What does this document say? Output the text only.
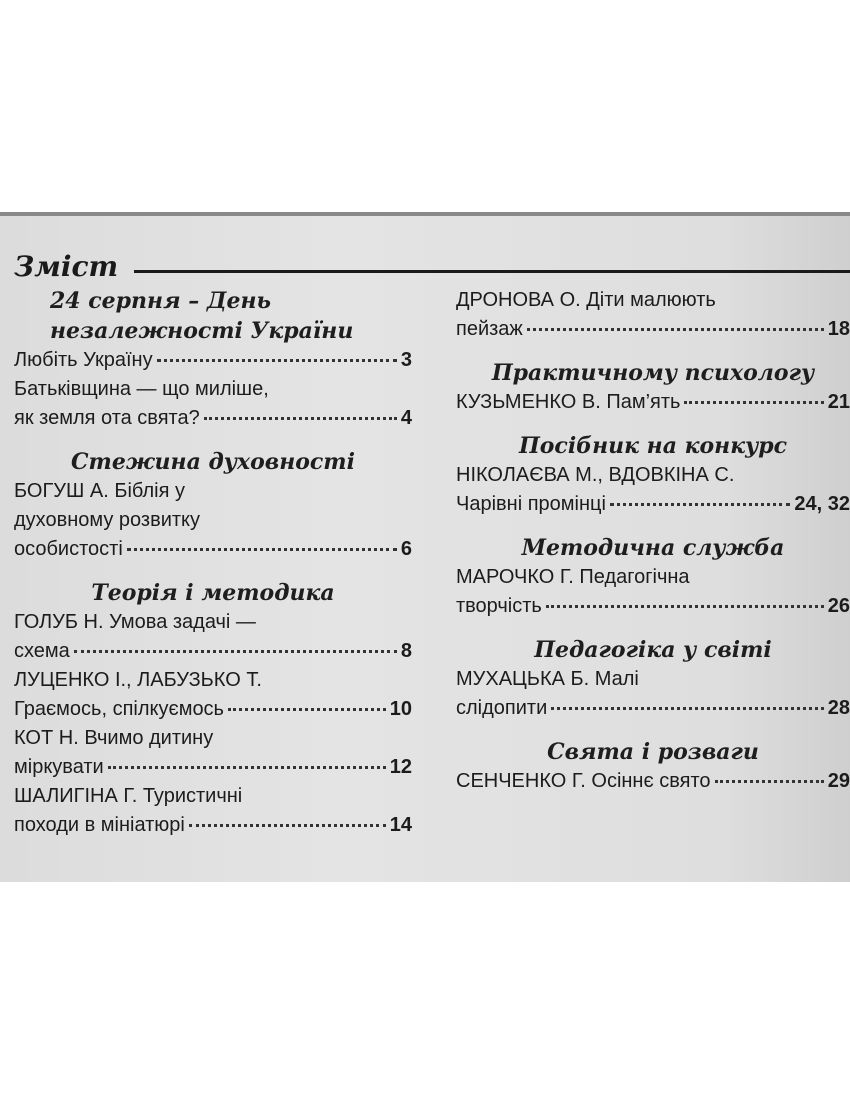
Зміст
24 серпня – День
незалежності України
Любіть Україну	3
Батьківщина — що миліше,
як земля ота свята?	4
Стежина духовності
БОГУШ А. Біблія у
духовному розвитку
особистості	6
Теорія і методика
ГОЛУБ Н. Умова задачі —
схема	8
ЛУЦЕНКО І., ЛАБУЗЬКО Т.
Граємось, спілкуємось	10
КОТ Н. Вчимо дитину
міркувати	12
ШАЛИГІНА Г. Туристичні
походи в мініатюрі	14
ДРОНОВА О. Діти малюють
пейзаж	18
Практичному психологу
КУЗЬМЕНКО В. Пам’ять	21
Посібник на конкурс
НІКОЛАЄВА М., ВДОВКІНА С.
Чарівні промінці	24, 32
Методична служба
МАРОЧКО Г. Педагогічна
творчість	26
Педагогіка у світі
МУХАЦЬКА Б. Малі
слідопити	28
Свята і розваги
СЕНЧЕНКО Г. Осіннє свято	29
